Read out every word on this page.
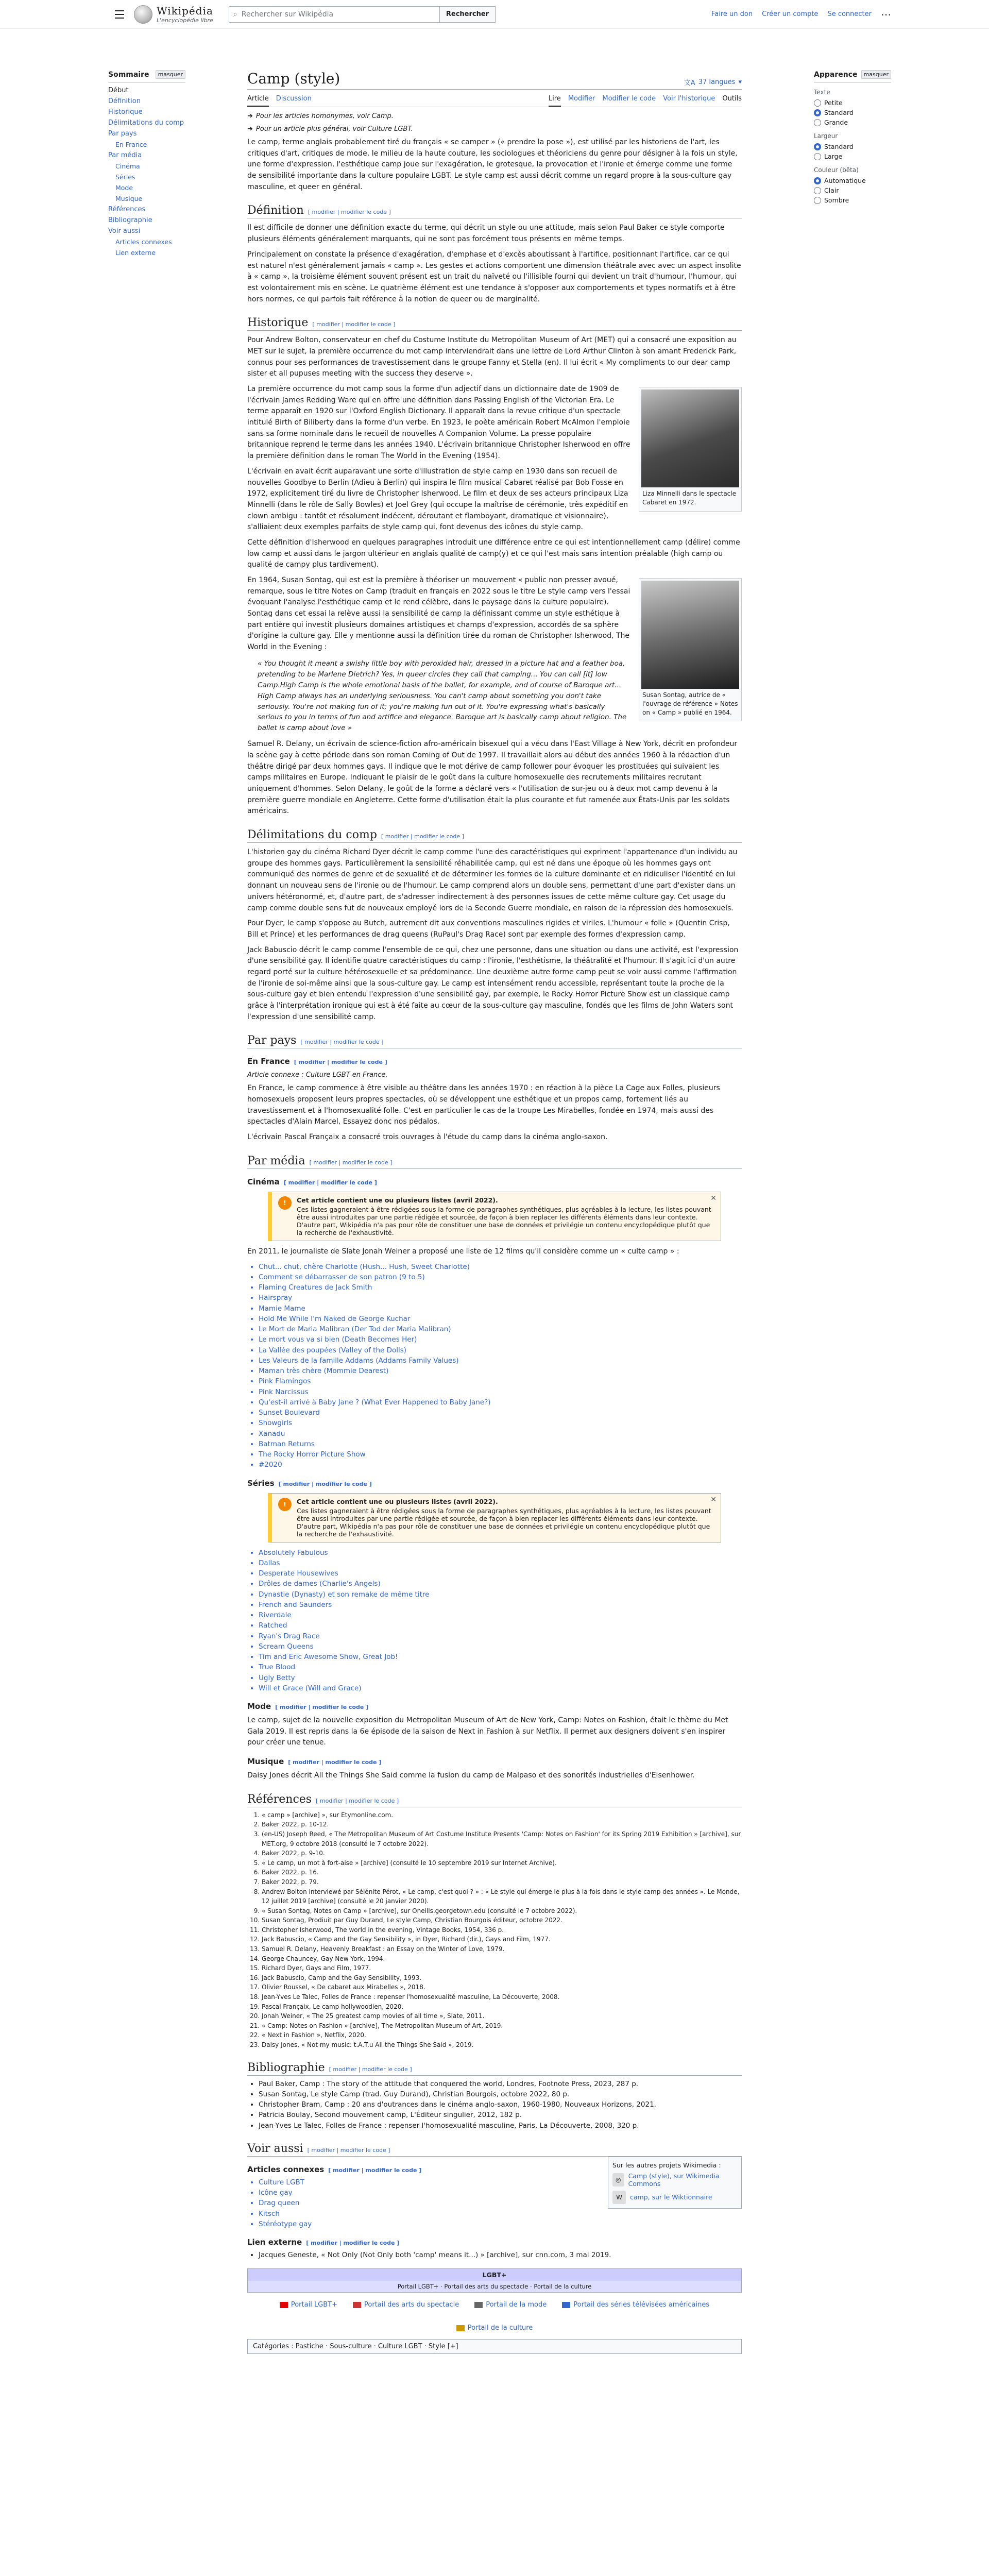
Wikipédia
L'encyclopédie libre
⌕ Rechercher sur Wikipédia	Rechercher	Faire un don Créer un compte Se connecter ⋯
Sommaire	masquer
Début
Définition
Historique
Délimitations du comp
Par pays
En France
Par média
Cinéma
Séries
Mode
Musique
Références
Bibliographie
Voir aussi
Articles connexes
Lien externe
Apparence	masquer
Texte
Petite
Standard
Grande
Largeur
Standard
Large
Couleur (bêta)
Automatique
Clair
Sombre
Camp (style)	文A 37 langues ▾
Article Discussion	Lire Modifier Modifier le code Voir l'historique Outils
➜ Pour les articles homonymes, voir Camp.
➜ Pour un article plus général, voir Culture LGBT.

Le camp, terme anglais probablement tiré du français « se camper » (« prendre la pose »), est utilisé par les historiens de l'art, les critiques d'art, critiques de mode, le milieu de la haute couture, les sociologues et théoriciens du genre pour désigner à la fois un style, une forme d'expression, l'esthétique camp joue sur l'exagération, le grotesque, la provocation et l'ironie et émerge comme une forme de sensibilité importante dans la culture populaire LGBT. Le style camp est aussi décrit comme un regard propre à la sous-culture gay masculine, et queer en général.

Définition [ modifier | modifier le code ]

Il est difficile de donner une définition exacte du terme, qui décrit un style ou une attitude, mais selon Paul Baker ce style comporte plusieurs éléments généralement marquants, qui ne sont pas forcément tous présents en même temps.

Principalement on constate la présence d'exagération, d'emphase et d'excès aboutissant à l'artifice, positionnant l'artifice, car ce qui est naturel n'est généralement jamais « camp ». Les gestes et actions comportent une dimension théâtrale avec avec un aspect insolite à « camp », la troisième élément souvent présent est un trait du naïveté ou l'illisible fourni qui devient un trait d'humour, l'humour, qui est volontairement mis en scène. Le quatrième élément est une tendance à s'opposer aux comportements et types normatifs et à être hors normes, ce qui parfois fait référence à la notion de queer ou de marginalité.

Historique [ modifier | modifier le code ]

Pour Andrew Bolton, conservateur en chef du Costume Institute du Metropolitan Museum of Art (MET) qui a consacré une exposition au MET sur le sujet, la première occurrence du mot camp interviendrait dans une lettre de Lord Arthur Clinton à son amant Frederick Park, connus pour ses performances de travestissement dans le groupe Fanny et Stella (en). Il lui écrit « My compliments to our dear camp sister et all pupuses meeting with the success they deserve ».

Liza Minnelli dans le spectacle Cabaret en 1972.

La première occurrence du mot camp sous la forme d'un adjectif dans un dictionnaire date de 1909 de l'écrivain James Redding Ware qui en offre une définition dans Passing English of the Victorian Era. Le terme apparaît en 1920 sur l'Oxford English Dictionary. Il apparaît dans la revue critique d'un spectacle intitulé Birth of Biliberty dans la forme d'un verbe. En 1923, le poète américain Robert McAlmon l'emploie sans sa forme nominale dans le recueil de nouvelles A Companion Volume. La presse populaire britannique reprend le terme dans les années 1940. L'écrivain britannique Christopher Isherwood en offre la première définition dans le roman The World in the Evening (1954).

L'écrivain en avait écrit auparavant une sorte d'illustration de style camp en 1930 dans son recueil de nouvelles Goodbye to Berlin (Adieu à Berlin) qui inspira le film musical Cabaret réalisé par Bob Fosse en 1972, explicitement tiré du livre de Christopher Isherwood. Le film et deux de ses acteurs principaux Liza Minnelli (dans le rôle de Sally Bowles) et Joel Grey (qui occupe la maîtrise de cérémonie, très expéditif en clown ambigu : tantôt et résolument indécent, déroutant et flamboyant, dramatique et visionnaire), s'alliaient deux exemples parfaits de style camp qui, font devenus des icônes du style camp.

Cette définition d'Isherwood en quelques paragraphes introduit une différence entre ce qui est intentionnellement camp (délire) comme low camp et aussi dans le jargon ultérieur en anglais qualité de camp(y) et ce qui l'est mais sans intention préalable (high camp ou qualité de campy plus tardivement).

Susan Sontag, autrice de « l'ouvrage de référence » Notes on « Camp » publié en 1964.

En 1964, Susan Sontag, qui est est la première à théoriser un mouvement « public non presser avoué, remarque, sous le titre Notes on Camp (traduit en français en 2022 sous le titre Le style camp vers l'essai évoquant l'analyse l'esthétique camp et le rend célèbre, dans le paysage dans la culture populaire). Sontag dans cet essai la relève aussi la sensibilité de camp la définissant comme un style esthétique à part entière qui investit plusieurs domaines artistiques et champs d'expression, accordés de sa sphère d'origine la culture gay. Elle y mentionne aussi la définition tirée du roman de Christopher Isherwood, The World in the Evening :

« You thought it meant a swishy little boy with peroxided hair, dressed in a picture hat and a feather boa, pretending to be Marlene Dietrich? Yes, in queer circles they call that camping... You can call [it] low Camp.High Camp is the whole emotional basis of the ballet, for example, and of course of Baroque art... High Camp always has an underlying seriousness. You can't camp about something you don't take seriously. You're not making fun of it; you're making fun out of it. You're expressing what's basically serious to you in terms of fun and artifice and elegance. Baroque art is basically camp about religion. The ballet is camp about love »

Samuel R. Delany, un écrivain de science-fiction afro-américain bisexuel qui a vécu dans l'East Village à New York, décrit en profondeur la scène gay à cette période dans son roman Coming of Out de 1997. Il travaillait alors au début des années 1960 à la rédaction d'un théâtre dirigé par deux hommes gays. Il indique que le mot dérive de camp follower pour évoquer les prostituées qui suivaient les camps militaires en Europe. Indiquant le plaisir de le goût dans la culture homosexuelle des recrutements militaires recrutant uniquement d'hommes. Selon Delany, le goût de la forme a déclaré vers « l'utilisation de sur-jeu ou à deux mot camp devenu à la première guerre mondiale en Angleterre. Cette forme d'utilisation était la plus courante et fut ramenée aux États-Unis par les soldats américains.

Délimitations du comp [ modifier | modifier le code ]

L'historien gay du cinéma Richard Dyer décrit le camp comme l'une des caractéristiques qui expriment l'appartenance d'un individu au groupe des hommes gays. Particulièrement la sensibilité réhabilitée camp, qui est né dans une époque où les hommes gays ont communiqué des normes de genre et de sexualité et de déterminer les formes de la culture dominante et en ridiculiser l'identité en lui donnant un nouveau sens de l'ironie ou de l'humour. Le camp comprend alors un double sens, permettant d'une part d'exister dans un univers hétéronormé, et, d'autre part, de s'adresser indirectement à des personnes issues de cette même culture gay. Cet usage du camp comme double sens fut de nouveaux employé lors de la Seconde Guerre mondiale, en raison de la répression des homosexuels.

Pour Dyer, le camp s'oppose au Butch, autrement dit aux conventions masculines rigides et viriles. L'humour « folle » (Quentin Crisp, Bill et Prince) et les performances de drag queens (RuPaul's Drag Race) sont par exemple des formes d'expression camp.

Jack Babuscio décrit le camp comme l'ensemble de ce qui, chez une personne, dans une situation ou dans une activité, est l'expression d'une sensibilité gay. Il identifie quatre caractéristiques du camp : l'ironie, l'esthétisme, la théâtralité et l'humour. Il s'agit ici d'un autre regard porté sur la culture hétérosexuelle et sa prédominance. Une deuxième autre forme camp peut se voir aussi comme l'affirmation de l'ironie de soi-même ainsi que la sous-culture gay. Le camp est intensément rendu accessible, représentant toute la proche de la sous-culture gay et bien entendu l'expression d'une sensibilité gay, par exemple, le Rocky Horror Picture Show est un classique camp grâce à l'interprétation ironique qui est à été faite au cœur de la sous-culture gay masculine, fondés que les films de John Waters sont l'expression d'une sensibilité camp.

Par pays [ modifier | modifier le code ]
En France [ modifier | modifier le code ]
Article connexe : Culture LGBT en France.

En France, le camp commence à être visible au théâtre dans les années 1970 : en réaction à la pièce La Cage aux Folles, plusieurs homosexuels proposent leurs propres spectacles, où se développent une esthétique et un propos camp, fortement liés au travestissement et à l'homosexualité folle. C'est en particulier le cas de la troupe Les Mirabelles, fondée en 1974, mais aussi des spectacles d'Alain Marcel, Essayez donc nos pédalos.

L'écrivain Pascal Françaix a consacré trois ouvrages à l'étude du camp dans la cinéma anglo-saxon.

Par média [ modifier | modifier le code ]
Cinéma [ modifier | modifier le code ]
!	Cet article contient une ou plusieurs listes (avril 2022).
Ces listes gagneraient à être rédigées sous la forme de paragraphes synthétiques, plus agréables à la lecture, les listes pouvant être aussi introduites par une partie rédigée et sourcée, de façon à bien replacer les différents éléments dans leur contexte. D'autre part, Wikipédia n'a pas pour rôle de constituer une base de données et privilégie un contenu encyclopédique plutôt que la recherche de l'exhaustivité.
✕

En 2011, le journaliste de Slate Jonah Weiner a proposé une liste de 12 films qu'il considère comme un « culte camp » :

• Chut... chut, chère Charlotte (Hush... Hush, Sweet Charlotte)
• Comment se débarrasser de son patron (9 to 5)
• Flaming Creatures de Jack Smith
• Hairspray
• Mamie Mame
• Hold Me While I'm Naked de George Kuchar
• Le Mort de Maria Malibran (Der Tod der Maria Malibran)
• Le mort vous va si bien (Death Becomes Her)
• La Vallée des poupées (Valley of the Dolls)
• Les Valeurs de la famille Addams (Addams Family Values)
• Maman très chère (Mommie Dearest)
• Pink Flamingos
• Pink Narcissus
• Qu'est-il arrivé à Baby Jane ? (What Ever Happened to Baby Jane?)
• Sunset Boulevard
• Showgirls
• Xanadu
• Batman Returns
• The Rocky Horror Picture Show
• #2020
Séries [ modifier | modifier le code ]
!	Cet article contient une ou plusieurs listes (avril 2022).
Ces listes gagneraient à être rédigées sous la forme de paragraphes synthétiques, plus agréables à la lecture, les listes pouvant être aussi introduites par une partie rédigée et sourcée, de façon à bien replacer les différents éléments dans leur contexte. D'autre part, Wikipédia n'a pas pour rôle de constituer une base de données et privilégie un contenu encyclopédique plutôt que la recherche de l'exhaustivité.
✕
• Absolutely Fabulous
• Dallas
• Desperate Housewives
• Drôles de dames (Charlie's Angels)
• Dynastie (Dynasty) et son remake de même titre
• French and Saunders
• Riverdale
• Ratched
• Ryan's Drag Race
• Scream Queens
• Tim and Eric Awesome Show, Great Job!
• True Blood
• Ugly Betty
• Will et Grace (Will and Grace)
Mode [ modifier | modifier le code ]

Le camp, sujet de la nouvelle exposition du Metropolitan Museum of Art de New York, Camp: Notes on Fashion, était le thème du Met Gala 2019. Il est repris dans la 6e épisode de la saison de Next in Fashion à sur Netflix. Il permet aux designers doivent s'en inspirer pour créer une tenue.

Musique [ modifier | modifier le code ]

Daisy Jones décrit All the Things She Said comme la fusion du camp de Malpaso et des sonorités industrielles d'Eisenhower.

Références [ modifier | modifier le code ]
1. « camp » [archive] », sur Etymonline.com.
2. Baker 2022, p. 10-12.
3. (en-US) Joseph Reed, « The Metropolitan Museum of Art Costume Institute Presents 'Camp: Notes on Fashion' for its Spring 2019 Exhibition » [archive], sur MET.org, 9 octobre 2018 (consulté le 7 octobre 2022).
4. Baker 2022, p. 9-10.
5. « Le camp, un mot à fort-aise » [archive] (consulté le 10 septembre 2019 sur Internet Archive).
6. Baker 2022, p. 16.
7. Baker 2022, p. 79.
8. Andrew Bolton interviewé par Sélénite Pérot, « Le camp, c'est quoi ? » : « Le style qui émerge le plus à la fois dans le style camp des années ». Le Monde, 12 juillet 2019 [archive] (consulté le 20 janvier 2020).
9. « Susan Sontag, Notes on Camp » [archive], sur Oneills.georgetown.edu (consulté le 7 octobre 2022).
10. Susan Sontag, Prodiuit par Guy Durand, Le style Camp, Christian Bourgois éditeur, octobre 2022.
11. Christopher Isherwood, The world in the evening, Vintage Books, 1954, 336 p.
12. Jack Babuscio, « Camp and the Gay Sensibility », in Dyer, Richard (dir.), Gays and Film, 1977.
13. Samuel R. Delany, Heavenly Breakfast : an Essay on the Winter of Love, 1979.
14. George Chauncey, Gay New York, 1994.
15. Richard Dyer, Gays and Film, 1977.
16. Jack Babuscio, Camp and the Gay Sensibility, 1993.
17. Olivier Roussel, « De cabaret aux Mirabelles », 2018.
18. Jean-Yves Le Talec, Folles de France : repenser l'homosexualité masculine, La Découverte, 2008.
19. Pascal Françaix, Le camp hollywoodien, 2020.
20. Jonah Weiner, « The 25 greatest camp movies of all time », Slate, 2011.
21. « Camp: Notes on Fashion » [archive], The Metropolitan Museum of Art, 2019.
22. « Next in Fashion », Netflix, 2020.
23. Daisy Jones, « Not my music: t.A.T.u All the Things She Said », 2019.
Bibliographie [ modifier | modifier le code ]
• Paul Baker, Camp : The story of the attitude that conquered the world, Londres, Footnote Press, 2023, 287 p.
• Susan Sontag, Le style Camp (trad. Guy Durand), Christian Bourgois, octobre 2022, 80 p.
• Christopher Bram, Camp : 20 ans d'outrances dans le cinéma anglo-saxon, 1960-1980, Nouveaux Horizons, 2021.
• Patricia Boulay, Second mouvement camp, L'Éditeur singulier, 2012, 182 p.
• Jean-Yves Le Talec, Folles de France : repenser l'homosexualité masculine, Paris, La Découverte, 2008, 320 p.
Voir aussi [ modifier | modifier le code ]
Sur les autres projets Wikimedia :
◎	Camp (style), sur Wikimedia Commons
W	camp, sur le Wiktionnaire
Articles connexes [ modifier | modifier le code ]
• Culture LGBT
• Icône gay
• Drag queen
• Kitsch
• Stéréotype gay
Lien externe [ modifier | modifier le code ]
• Jacques Geneste, « Not Only (Not Only both 'camp' means it...) » [archive], sur cnn.com, 3 mai 2019.
LGBT+
Portail LGBT+ · Portail des arts du spectacle · Portail de la culture
Portail LGBT+	Portail des arts du spectacle	Portail de la mode	Portail des séries télévisées américaines
Portail de la culture
Catégories : Pastiche · Sous-culture · Culture LGBT · Style [+]
